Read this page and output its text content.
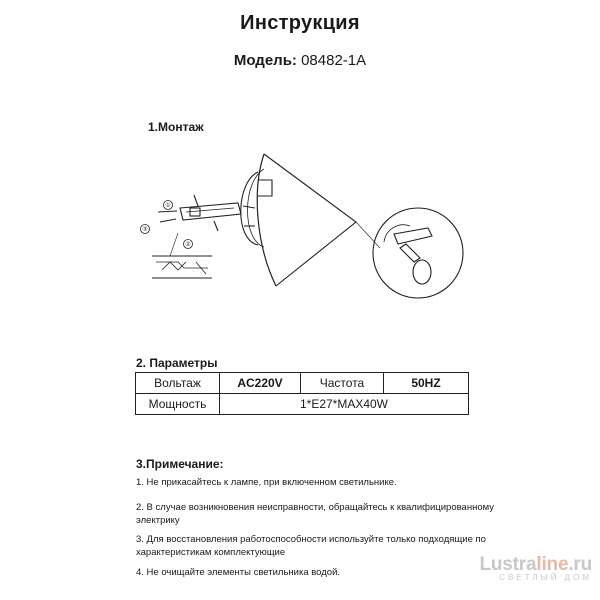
Инструкция
Модель: 08482-1A
1.Монтаж
①
②
③
2. Параметры
Вольтаж	AC220V	Частота	50HZ
Мощность	1*E27*MAX40W		
3.Примечание:
1. Не прикасайтесь к лампе, при включенном светильнике.
2. В случае возникновения неисправности, обращайтесь к квалифицированному электрику
3. Для восстановления работоспособности используйте только подходящие по характеристикам комплектующие
4. Не очищайте элементы светильника водой.	Lustraline.ru
СВЕТЛЫЙ ДОМ
